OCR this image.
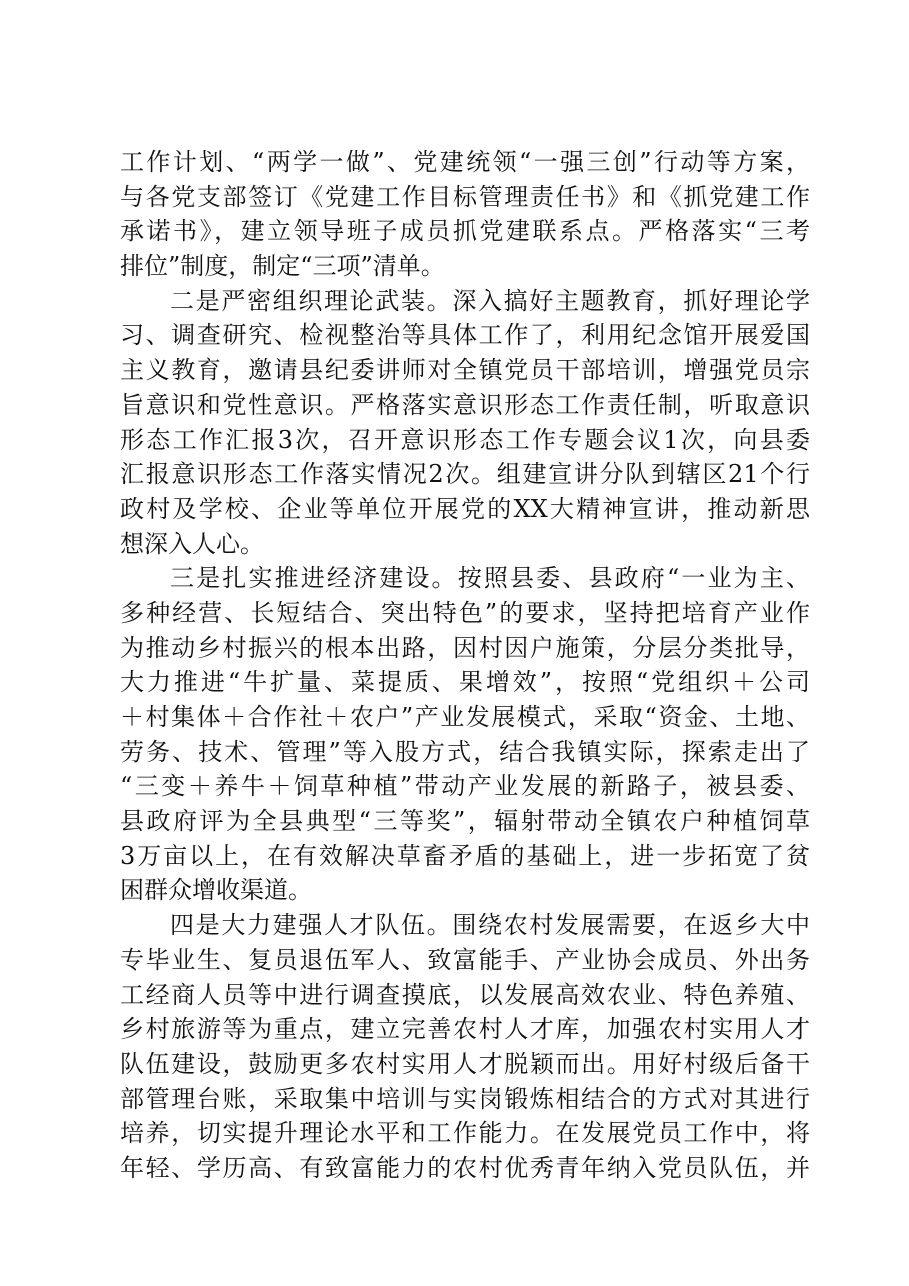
工作计划、“两学一做”、党建统领“一强三创”行动等方案，
与各党支部签订《党建工作目标管理责任书》和《抓党建工作
承诺书》，建立领导班子成员抓党建联系点。严格落实“三考
排位”制度，制定“三项”清单。
二是严密组织理论武装。深入搞好主题教育，抓好理论学
习、调查研究、检视整治等具体工作了，利用纪念馆开展爱国
主义教育，邀请县纪委讲师对全镇党员干部培训，增强党员宗
旨意识和党性意识。严格落实意识形态工作责任制，听取意识
形态工作汇报3次，召开意识形态工作专题会议1次，向县委
汇报意识形态工作落实情况2次。组建宣讲分队到辖区21个行
政村及学校、企业等单位开展党的XX大精神宣讲，推动新思
想深入人心。
三是扎实推进经济建设。按照县委、县政府“一业为主、
多种经营、长短结合、突出特色”的要求，坚持把培育产业作
为推动乡村振兴的根本出路，因村因户施策，分层分类批导，
大力推进“牛扩量、菜提质、果增效”，按照“党组织＋公司
＋村集体＋合作社＋农户”产业发展模式，采取“资金、土地、
劳务、技术、管理”等入股方式，结合我镇实际，探索走出了
“三变＋养牛＋饲草种植”带动产业发展的新路子，被县委、
县政府评为全县典型“三等奖”，辐射带动全镇农户种植饲草
3万亩以上，在有效解决草畜矛盾的基础上，进一步拓宽了贫
困群众增收渠道。
四是大力建强人才队伍。围绕农村发展需要，在返乡大中
专毕业生、复员退伍军人、致富能手、产业协会成员、外出务
工经商人员等中进行调查摸底，以发展高效农业、特色养殖、
乡村旅游等为重点，建立完善农村人才库，加强农村实用人才
队伍建设，鼓励更多农村实用人才脱颖而出。用好村级后备干
部管理台账，采取集中培训与实岗锻炼相结合的方式对其进行
培养，切实提升理论水平和工作能力。在发展党员工作中，将
年轻、学历高、有致富能力的农村优秀青年纳入党员队伍，并
